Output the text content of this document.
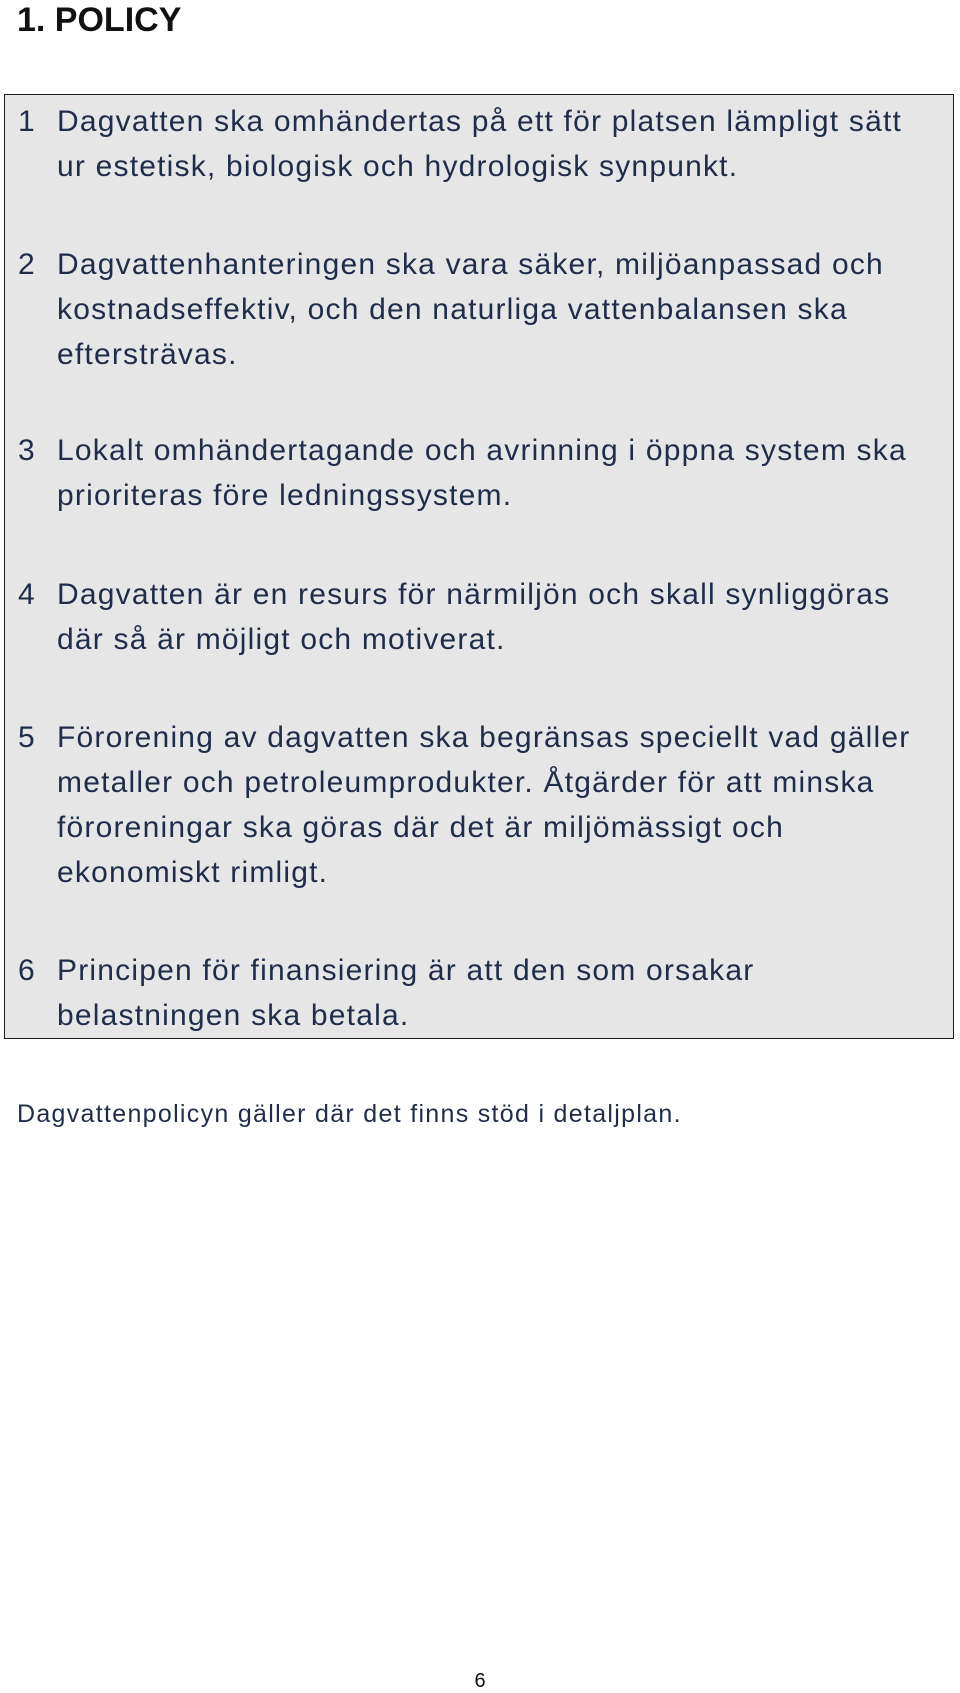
1. POLICY
1 Dagvatten ska omhändertas på ett för platsen lämpligt sätt ur estetisk, biologisk och hydrologisk synpunkt.
2 Dagvattenhanteringen ska vara säker, miljöanpassad och kostnadseffektiv, och den naturliga vattenbalansen ska eftersträvas.
3 Lokalt omhändertagande och avrinning i öppna system ska prioriteras före ledningssystem.
4 Dagvatten är en resurs för närmiljön och skall synliggöras där så är möjligt och motiverat.
5 Förorening av dagvatten ska begränsas speciellt vad gäller metaller och petroleumprodukter. Åtgärder för att minska föroreningar ska göras där det är miljömässigt och ekonomiskt rimligt.
6 Principen för finansiering är att den som orsakar belastningen ska betala.

Dagvattenpolicyn gäller där det finns stöd i detaljplan.

6
